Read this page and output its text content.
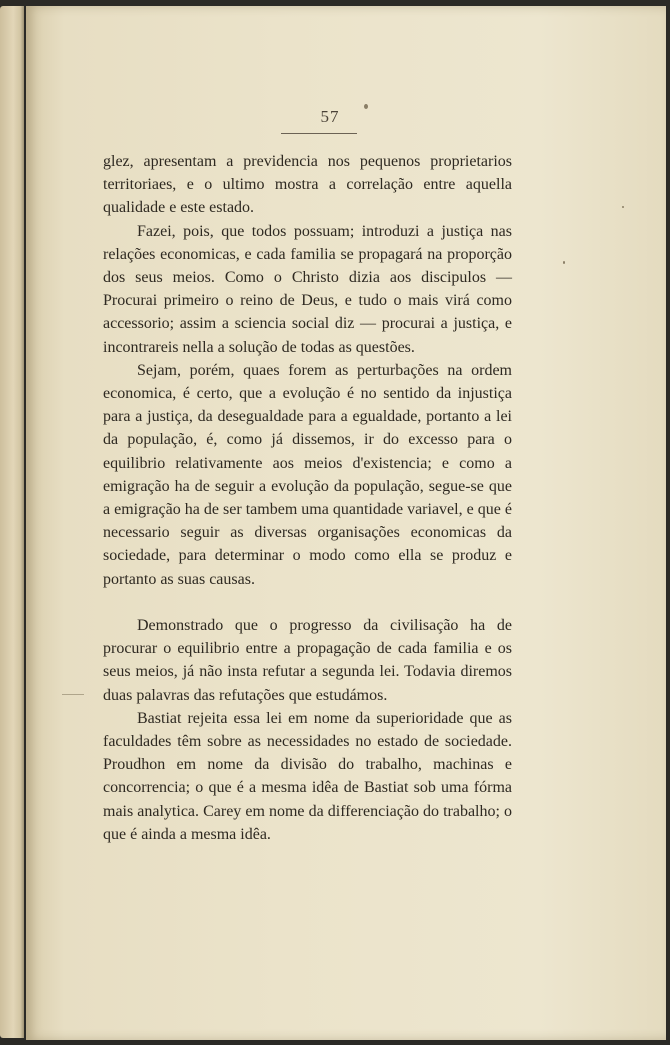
57

glez, apresentam a previdencia nos pequenos proprietarios territoriaes, e o ultimo mostra a correlação entre aquella qualidade e este estado.

Fazei, pois, que todos possuam; introduzi a justiça nas relações economicas, e cada familia se propagará na proporção dos seus meios. Como o Christo dizia aos discipulos — Procurai primeiro o reino de Deus, e tudo o mais virá como accessorio; assim a sciencia social diz — procurai a justiça, e incontrareis nella a solução de todas as questões.

Sejam, porém, quaes forem as perturbações na ordem economica, é certo, que a evolução é no sentido da injustiça para a justiça, da desegualdade para a egualdade, portanto a lei da população, é, como já dissemos, ir do excesso para o equilibrio relativamente aos meios d'existencia; e como a emigração ha de seguir a evolução da população, segue-se que a emigração ha de ser tambem uma quantidade variavel, e que é necessario seguir as diversas organisações economicas da sociedade, para determinar o modo como ella se produz e portanto as suas causas.

Demonstrado que o progresso da civilisação ha de procurar o equilibrio entre a propagação de cada familia e os seus meios, já não insta refutar a segunda lei. Todavia diremos duas palavras das refutações que estudámos.

Bastiat rejeita essa lei em nome da superioridade que as faculdades têm sobre as necessidades no estado de sociedade. Proudhon em nome da divisão do trabalho, machinas e concorrencia; o que é a mesma idêa de Bastiat sob uma fórma mais analytica. Carey em nome da differenciação do trabalho; o que é ainda a mesma idêa.
